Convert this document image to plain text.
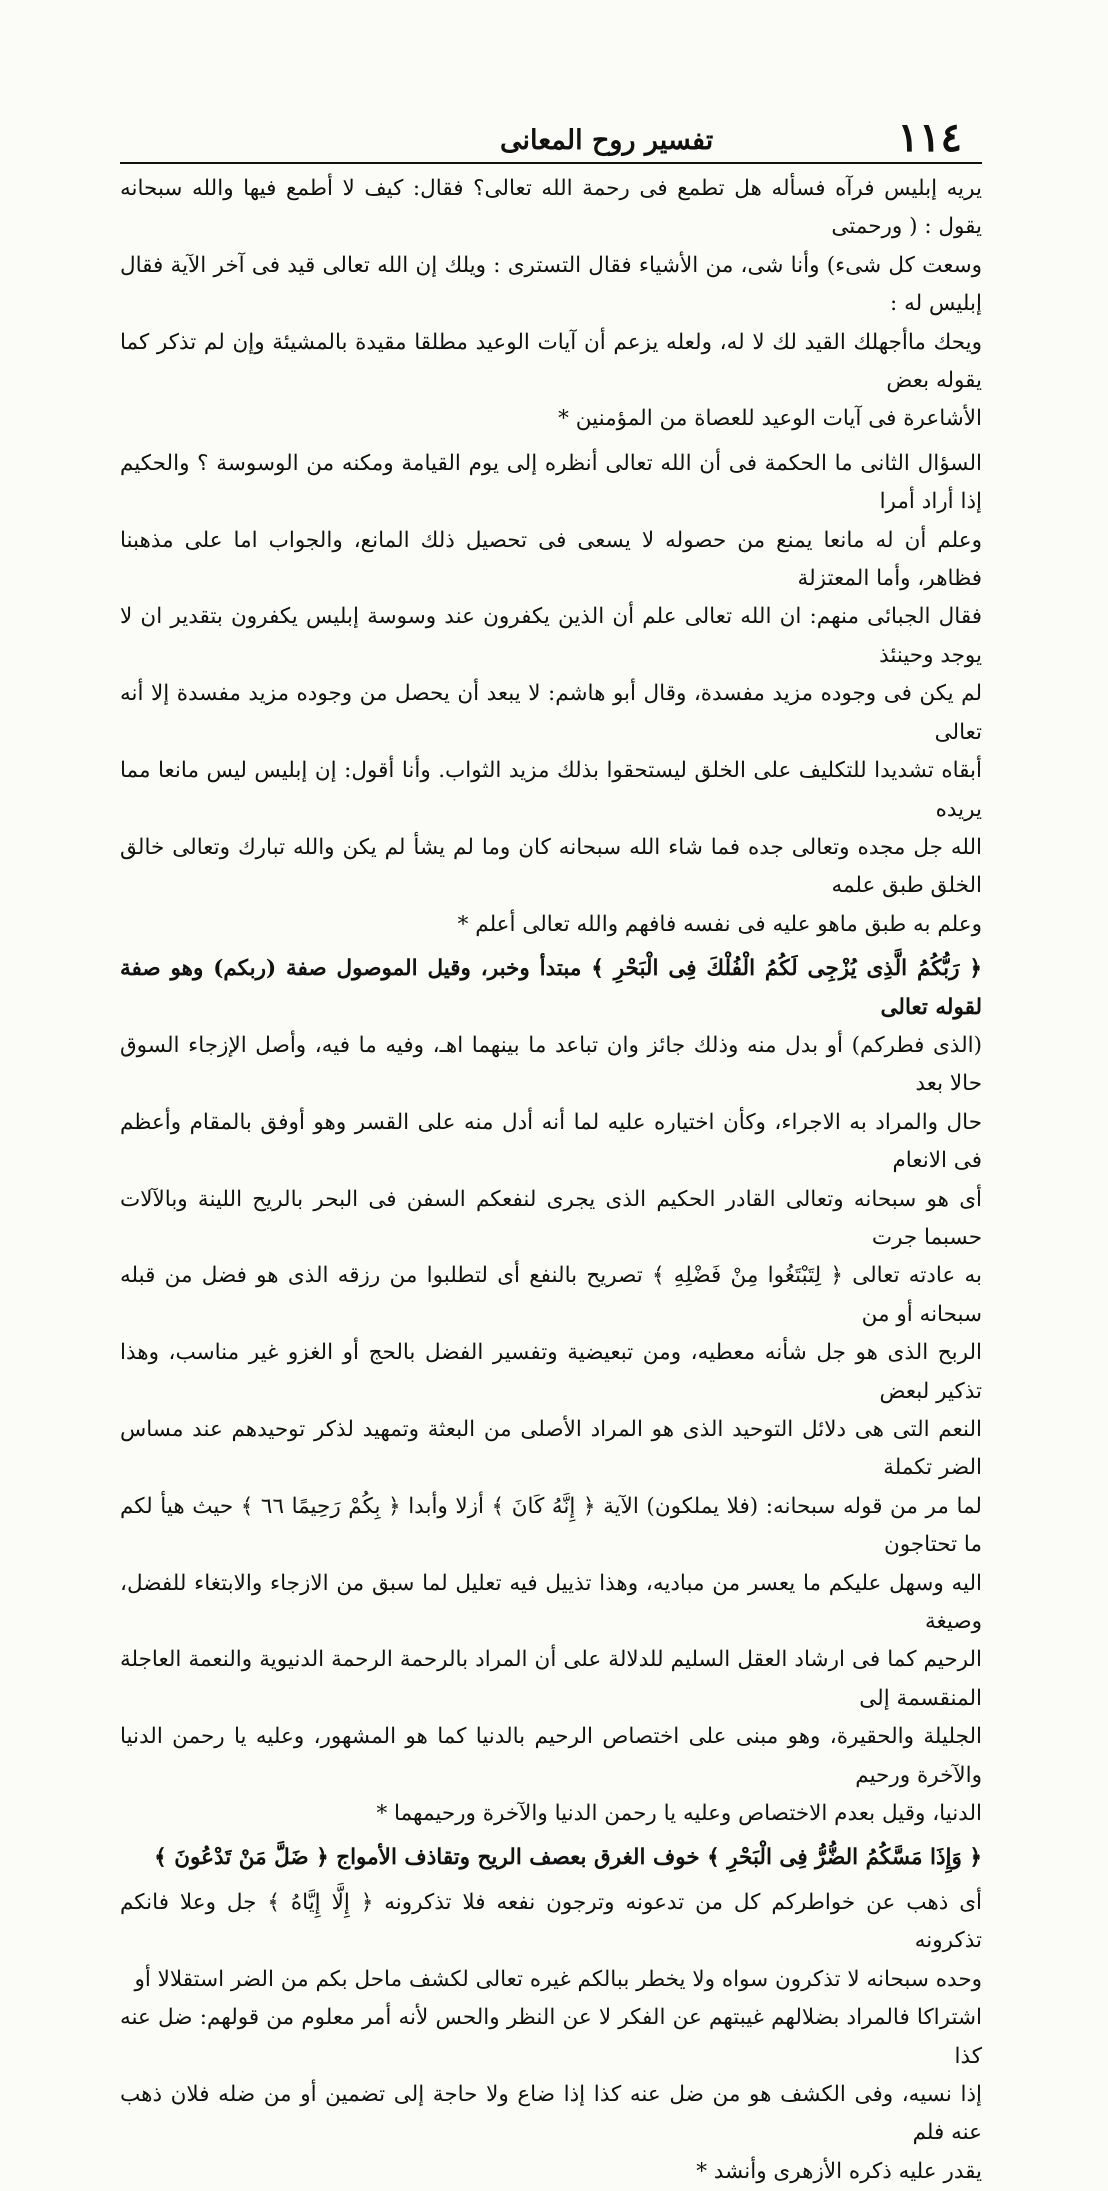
١١٤
تفسير روح المعانى

يريه إبليس فرآه فسأله هل تطمع فى رحمة الله تعالى؟ فقال: كيف لا أطمع فيها والله سبحانه يقول : ( ورحمتى
وسعت كل شىء) وأنا شى، من الأشياء فقال التسترى : ويلك إن الله تعالى قيد فى آخر الآية فقال إبليس له :
ويحك ماأجهلك القيد لك لا له، ولعله يزعم أن آيات الوعيد مطلقا مقيدة بالمشيئة وإن لم تذكر كما يقوله بعض
الأشاعرة فى آيات الوعيد للعصاة من المؤمنين *

السؤال الثانى ما الحكمة فى أن الله تعالى أنظره إلى يوم القيامة ومكنه من الوسوسة ؟ والحكيم إذا أراد أمرا
وعلم أن له مانعا يمنع من حصوله لا يسعى فى تحصيل ذلك المانع، والجواب اما على مذهبنا فظاهر، وأما المعتزلة
فقال الجبائى منهم: ان الله تعالى علم أن الذين يكفرون عند وسوسة إبليس يكفرون بتقدير ان لا يوجد وحينئذ
لم يكن فى وجوده مزيد مفسدة، وقال أبو هاشم: لا يبعد أن يحصل من وجوده مزيد مفسدة إلا أنه تعالى
أبقاه تشديدا للتكليف على الخلق ليستحقوا بذلك مزيد الثواب. وأنا أقول: إن إبليس ليس مانعا مما يريده
الله جل مجده وتعالى جده فما شاء الله سبحانه كان وما لم يشأ لم يكن والله تبارك وتعالى خالق الخلق طبق علمه
وعلم به طبق ماهو عليه فى نفسه فافهم والله تعالى أعلم *

﴿ رَبُّكُمُ الَّذِى يُزْجِى لَكُمُ الْفُلْكَ فِى الْبَحْرِ ﴾ مبتدأ وخبر، وقيل الموصول صفة (ربكم) وهو صفة لقوله تعالى
(الذى فطركم) أو بدل منه وذلك جائز وان تباعد ما بينهما اهـ، وفيه ما فيه، وأصل الإزجاء السوق حالا بعد
حال والمراد به الاجراء، وكأن اختياره عليه لما أنه أدل منه على القسر وهو أوفق بالمقام وأعظم فى الانعام
أى هو سبحانه وتعالى القادر الحكيم الذى يجرى لنفعكم السفن فى البحر بالريح اللينة وبالآلات حسبما جرت
به عادته تعالى ﴿ لِتَبْتَغُوا مِنْ فَضْلِهِ ﴾ تصريح بالنفع أى لتطلبوا من رزقه الذى هو فضل من قبله سبحانه أو من
الربح الذى هو جل شأنه معطيه، ومن تبعيضية وتفسير الفضل بالحج أو الغزو غير مناسب، وهذا تذكير لبعض
النعم التى هى دلائل التوحيد الذى هو المراد الأصلى من البعثة وتمهيد لذكر توحيدهم عند مساس الضر تكملة
لما مر من قوله سبحانه: (فلا يملكون) الآية ﴿ إِنَّهُ كَانَ ﴾ أزلا وأبدا ﴿ بِكُمْ رَحِيمًا ٦٦ ﴾ حيث هيأ لكم ما تحتاجون
اليه وسهل عليكم ما يعسر من مباديه، وهذا تذييل فيه تعليل لما سبق من الازجاء والابتغاء للفضل، وصيغة
الرحيم كما فى ارشاد العقل السليم للدلالة على أن المراد بالرحمة الرحمة الدنيوية والنعمة العاجلة المنقسمة إلى
الجليلة والحقيرة، وهو مبنى على اختصاص الرحيم بالدنيا كما هو المشهور، وعليه يا رحمن الدنيا والآخرة ورحيم
الدنيا، وقيل بعدم الاختصاص وعليه يا رحمن الدنيا والآخرة ورحيمهما *

﴿ وَإِذَا مَسَّكُمُ الضُّرُّ فِى الْبَحْرِ ﴾ خوف الغرق بعصف الريح وتقاذف الأمواج ﴿ ضَلَّ مَنْ تَدْعُونَ ﴾

أى ذهب عن خواطركم كل من تدعونه وترجون نفعه فلا تذكرونه ﴿ إِلَّا إِيَّاهُ ﴾ جل وعلا فانكم تذكرونه
وحده سبحانه لا تذكرون سواه ولا يخطر ببالكم غيره تعالى لكشف ماحل بكم من الضر استقلالا أو
اشتراكا فالمراد بضلالهم غيبتهم عن الفكر لا عن النظر والحس لأنه أمر معلوم من قولهم: ضل عنه كذا
إذا نسيه، وفى الكشف هو من ضل عنه كذا إذا ضاع ولا حاجة إلى تضمين أو من ضله فلان ذهب عنه فلم
يقدر عليه ذكره الأزهرى وأنشد *
